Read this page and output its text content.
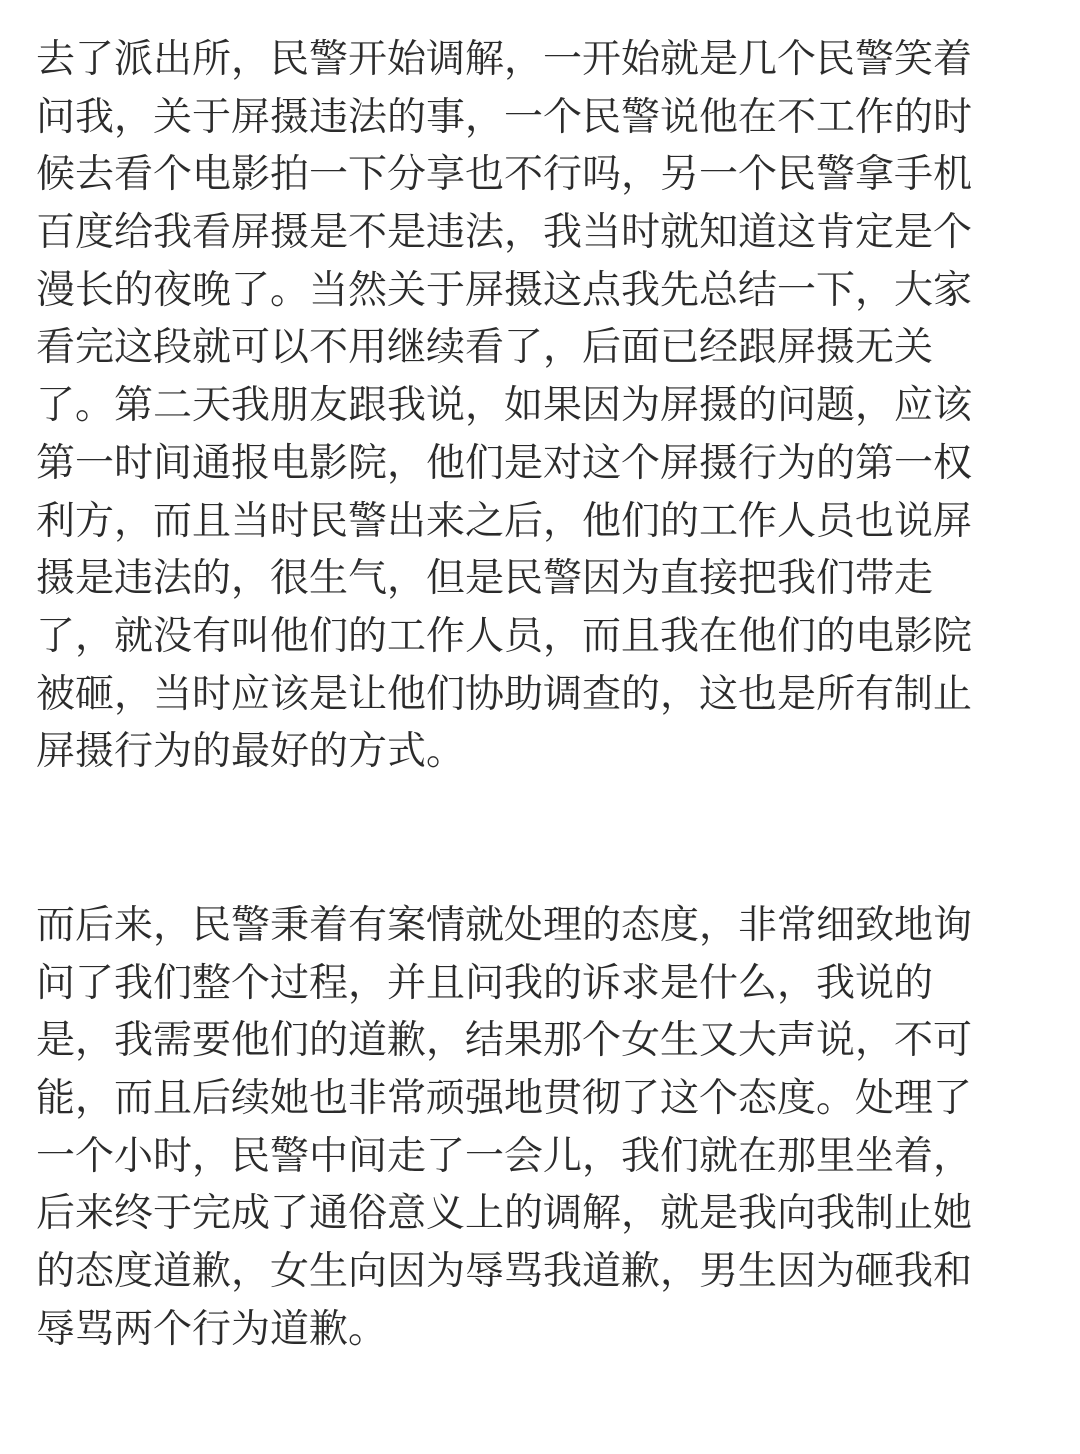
去了派出所，民警开始调解，一开始就是几个民警笑着
问我，关于屏摄违法的事，一个民警说他在不工作的时
候去看个电影拍一下分享也不行吗，另一个民警拿手机
百度给我看屏摄是不是违法，我当时就知道这肯定是个
漫长的夜晚了。当然关于屏摄这点我先总结一下，大家
看完这段就可以不用继续看了，后面已经跟屏摄无关
了。第二天我朋友跟我说，如果因为屏摄的问题，应该
第一时间通报电影院，他们是对这个屏摄行为的第一权
利方，而且当时民警出来之后，他们的工作人员也说屏
摄是违法的，很生气，但是民警因为直接把我们带走
了，就没有叫他们的工作人员，而且我在他们的电影院
被砸，当时应该是让他们协助调查的，这也是所有制止
屏摄行为的最好的方式。
而后来，民警秉着有案情就处理的态度，非常细致地询
问了我们整个过程，并且问我的诉求是什么，我说的
是，我需要他们的道歉，结果那个女生又大声说，不可
能，而且后续她也非常顽强地贯彻了这个态度。处理了
一个小时，民警中间走了一会儿，我们就在那里坐着，
后来终于完成了通俗意义上的调解，就是我向我制止她
的态度道歉，女生向因为辱骂我道歉，男生因为砸我和
辱骂两个行为道歉。
